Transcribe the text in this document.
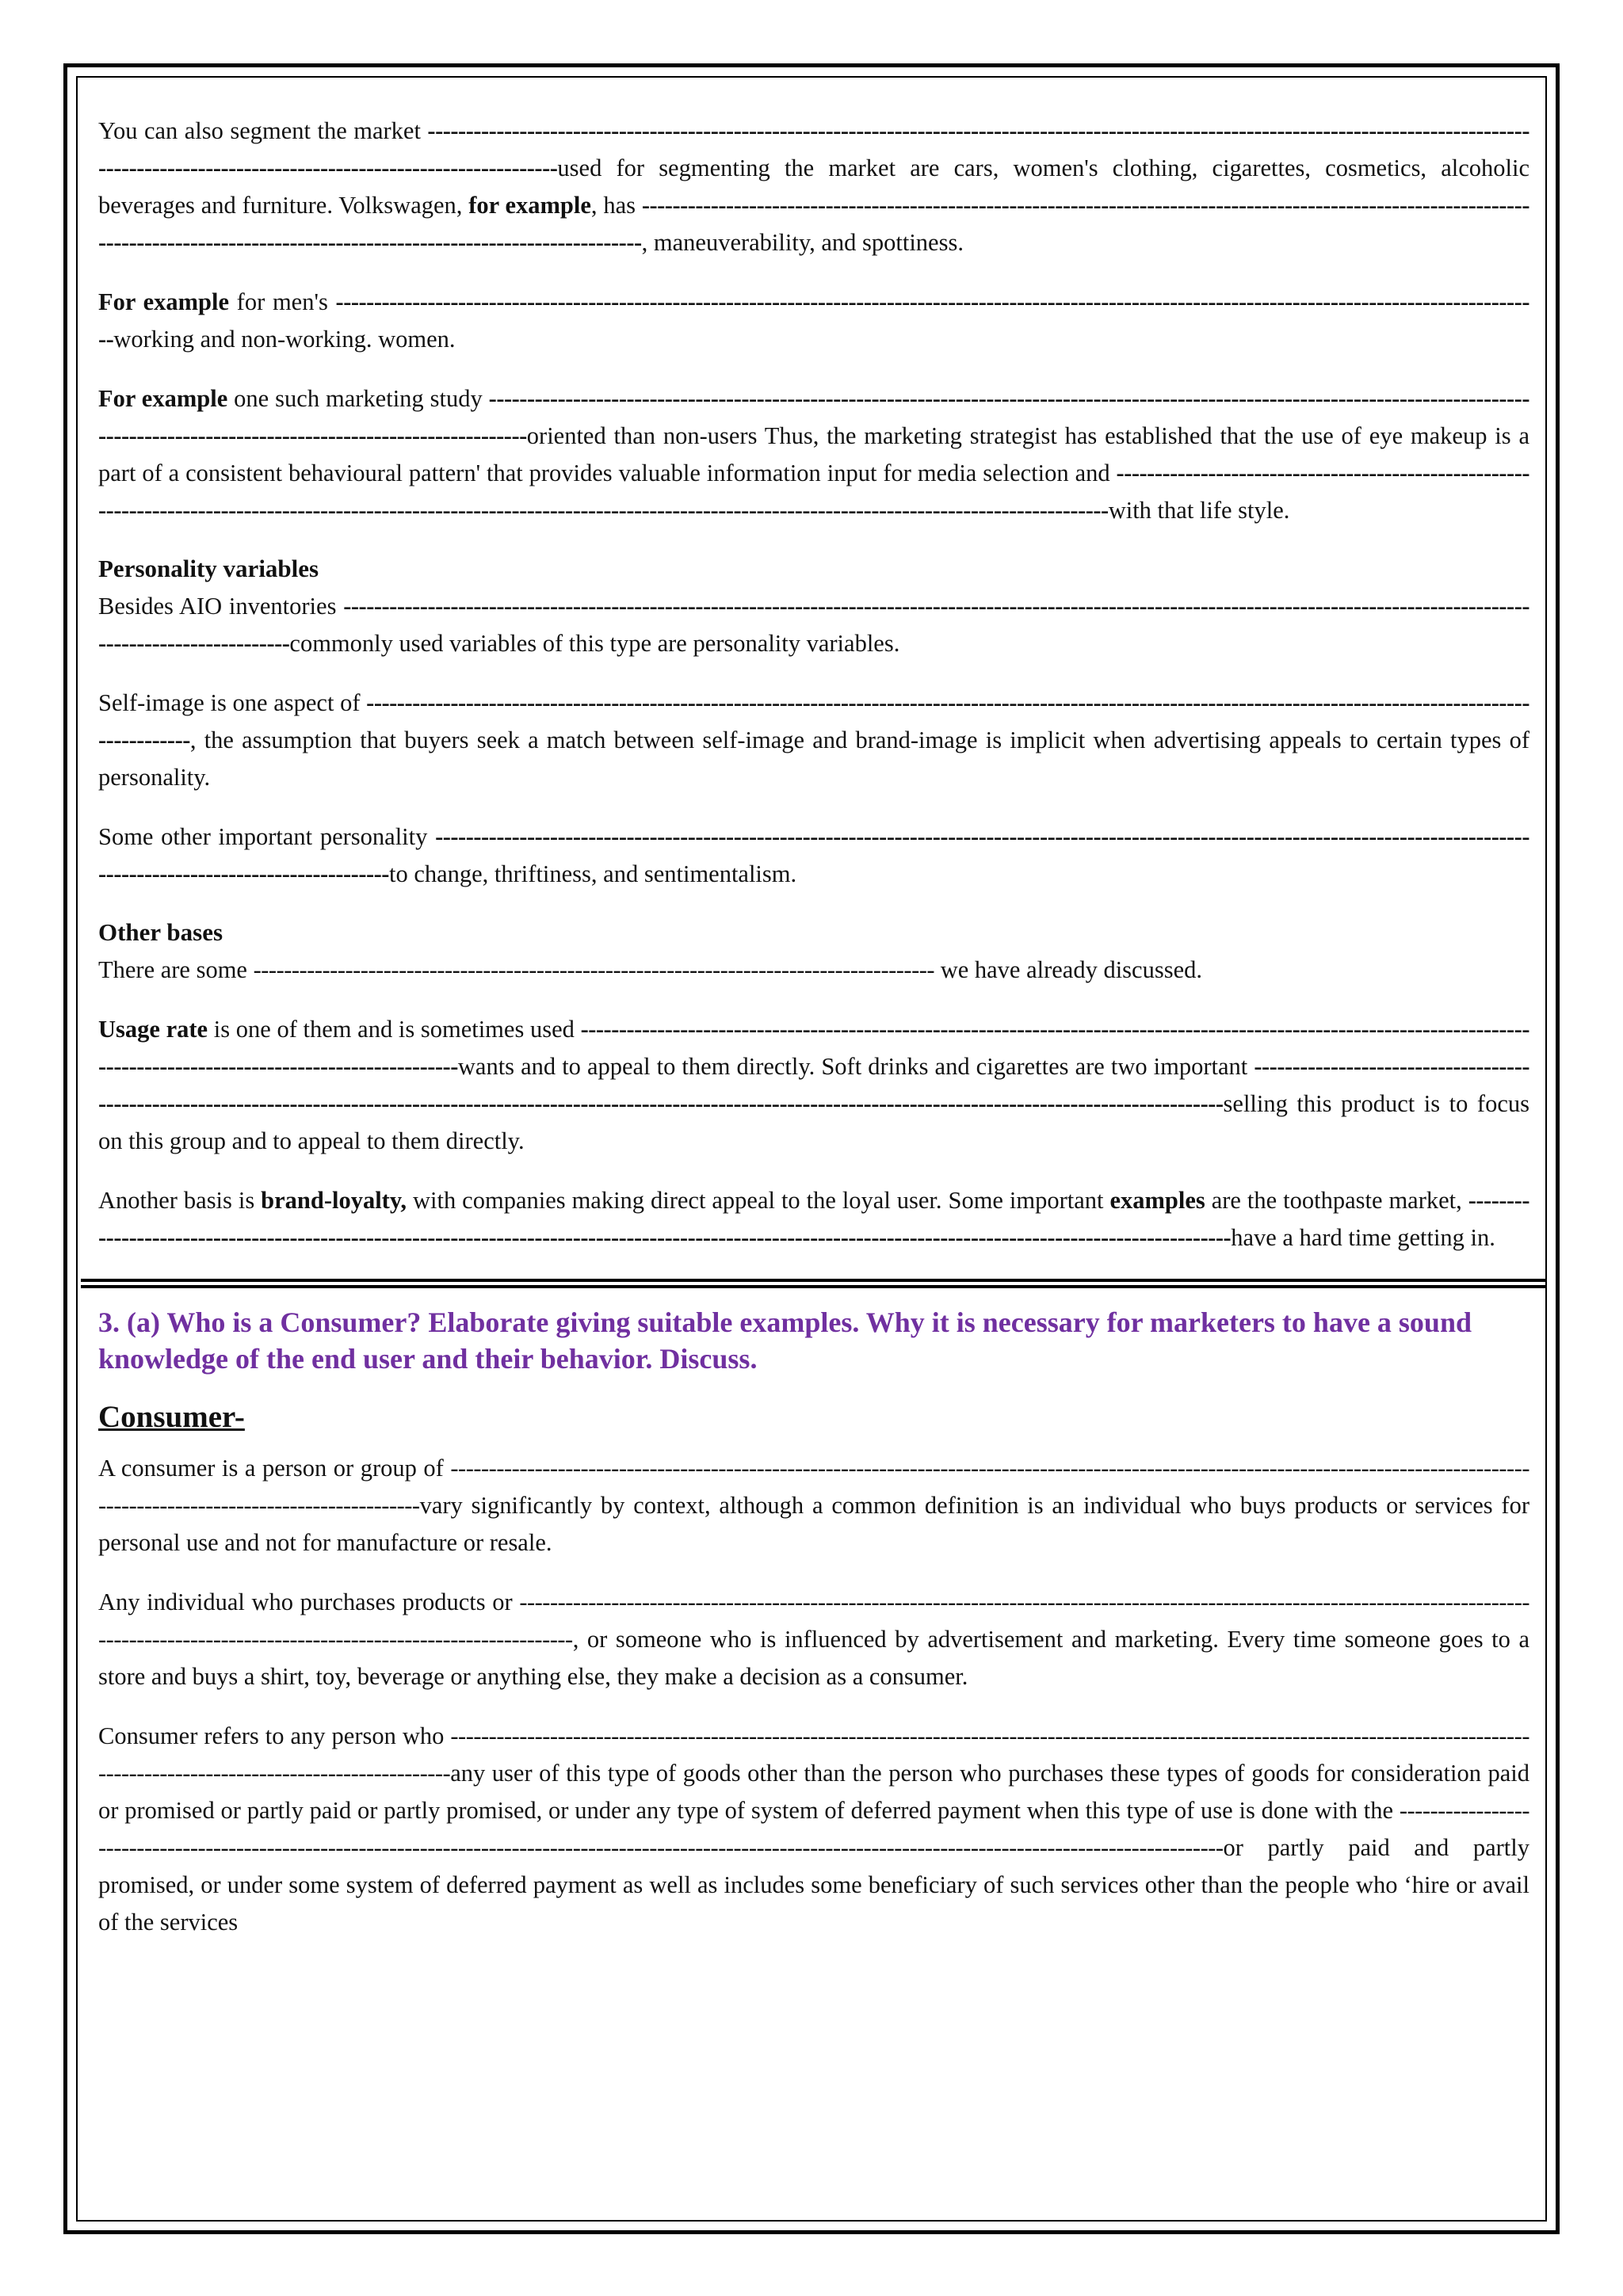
You can also segment the market ------------------------------------------------------------------------------------------------------------------------------------------------------------------------------------------------------------used for segmenting the market are cars, women's clothing, cigarettes, cosmetics, alcoholic beverages and furniture. Volkswagen, for example, has -------------------------------------------------------------------------------------------------------------------------------------------------------------------------------------------, maneuverability, and spottiness.

For example for men's --------------------------------------------------------------------------------------------------------------------------------------------------------------working and non-working. women.

For example one such marketing study ------------------------------------------------------------------------------------------------------------------------------------------------------------------------------------------------oriented than non-users Thus, the marketing strategist has established that the use of eye makeup is a part of a consistent behavioural pattern' that provides valuable information input for media selection and ------------------------------------------------------------------------------------------------------------------------------------------------------------------------------------------with that life style.

Personality variables

Besides AIO inventories ------------------------------------------------------------------------------------------------------------------------------------------------------------------------------------commonly used variables of this type are personality variables.

Self-image is one aspect of --------------------------------------------------------------------------------------------------------------------------------------------------------------------, the assumption that buyers seek a match between self-image and brand-image is implicit when advertising appeals to certain types of personality.

Some other important personality -------------------------------------------------------------------------------------------------------------------------------------------------------------------------------------to change, thriftiness, and sentimentalism.

Other bases

There are some ----------------------------------------------------------------------------------------- we have already discussed.

Usage rate is one of them and is sometimes used ---------------------------------------------------------------------------------------------------------------------------------------------------------------------------wants and to appeal to them directly. Soft drinks and cigarettes are two important ---------------------------------------------------------------------------------------------------------------------------------------------------------------------------------------selling this product is to focus on this group and to appeal to them directly.

Another basis is brand-loyalty, with companies making direct appeal to the loyal user. Some important examples are the toothpaste market, ------------------------------------------------------------------------------------------------------------------------------------------------------------have a hard time getting in.

3. (a) Who is a Consumer? Elaborate giving suitable examples. Why it is necessary for marketers to have a sound knowledge of the end user and their behavior. Discuss.
Consumer-

A consumer is a person or group of ---------------------------------------------------------------------------------------------------------------------------------------------------------------------------------------vary significantly by context, although a common definition is an individual who buys products or services for personal use and not for manufacture or resale.

Any individual who purchases products or --------------------------------------------------------------------------------------------------------------------------------------------------------------------------------------------------, or someone who is influenced by advertisement and marketing. Every time someone goes to a store and buys a shirt, toy, beverage or anything else, they make a decision as a consumer.

Consumer refers to any person who -------------------------------------------------------------------------------------------------------------------------------------------------------------------------------------------any user of this type of goods other than the person who purchases these types of goods for consideration paid or promised or partly paid or partly promised, or under any type of system of deferred payment when this type of use is done with the --------------------------------------------------------------------------------------------------------------------------------------------------------------------or partly paid and partly promised, or under some system of deferred payment as well as includes some beneficiary of such services other than the people who ‘hire or avail of the services
